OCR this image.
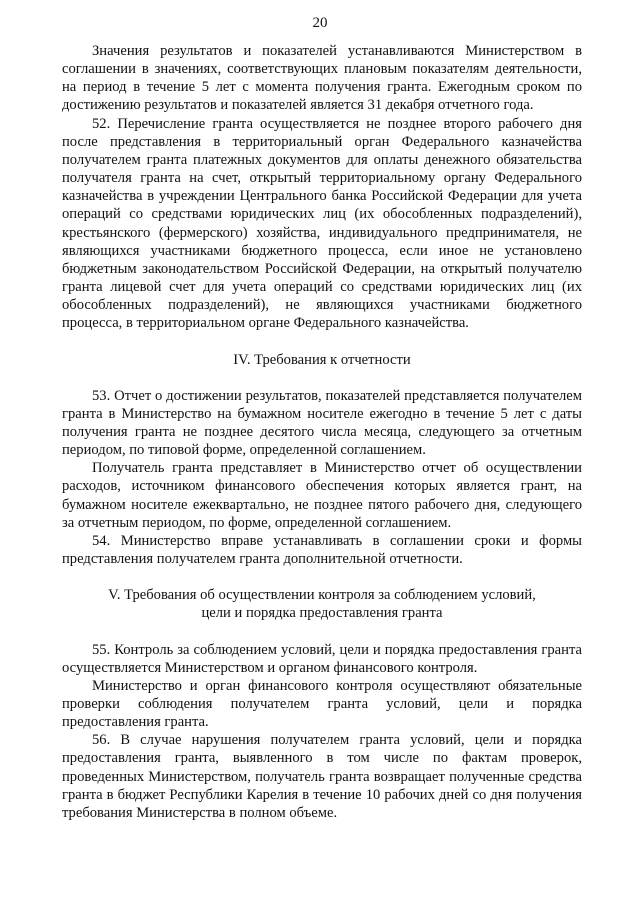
20

Значения результатов и показателей устанавливаются Министерством в соглашении в значениях, соответствующих плановым показателям деятельности, на период в течение 5 лет с момента получения гранта. Ежегодным сроком по достижению результатов и показателей является 31 декабря отчетного года.

52. Перечисление гранта осуществляется не позднее второго рабочего дня после представления в территориальный орган Федерального казначейства получателем гранта платежных документов для оплаты денежного обязательства получателя гранта на счет, открытый территориальному органу Федерального казначейства в учреждении Центрального банка Российской Федерации для учета операций со средствами юридических лиц (их обособленных подразделений), крестьянского (фермерского) хозяйства, индивидуального предпринимателя, не являющихся участниками бюджетного процесса, если иное не установлено бюджетным законодательством Российской Федерации, на открытый получателю гранта лицевой счет для учета операций со средствами юридических лиц (их обособленных подразделений), не являющихся участниками бюджетного процесса, в территориальном органе Федерального казначейства.

IV. Требования к отчетности

53. Отчет о достижении результатов, показателей представляется получателем гранта в Министерство на бумажном носителе ежегодно в течение 5 лет с даты получения гранта не позднее десятого числа месяца, следующего за отчетным периодом, по типовой форме, определенной соглашением.

Получатель гранта представляет в Министерство отчет об осуществлении расходов, источником финансового обеспечения которых является грант, на бумажном носителе ежеквартально, не позднее пятого рабочего дня, следующего за отчетным периодом, по форме, определенной соглашением.

54. Министерство вправе устанавливать в соглашении сроки и формы представления получателем гранта дополнительной отчетности.

V. Требования об осуществлении контроля за соблюдением условий,

цели и порядка предоставления гранта

55. Контроль за соблюдением условий, цели и порядка предоставления гранта осуществляется Министерством и органом финансового контроля.

Министерство и орган финансового контроля осуществляют обязательные проверки соблюдения получателем гранта условий, цели и порядка предоставления гранта.

56. В случае нарушения получателем гранта условий, цели и порядка предоставления гранта, выявленного в том числе по фактам проверок, проведенных Министерством, получатель гранта возвращает полученные средства гранта в бюджет Республики Карелия в течение 10 рабочих дней со дня получения требования Министерства в полном объеме.
